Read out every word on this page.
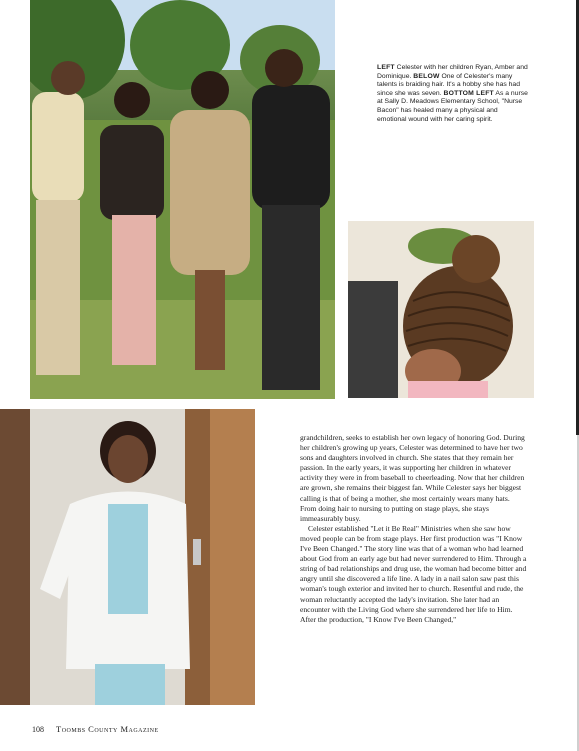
LEFT Celester with her children Ryan, Amber and Dominique. BELOW One of Celester's many talents is braiding hair. It's a hobby she has had since she was seven. BOTTOM LEFT As a nurse at Sally D. Meadows Elementary School, "Nurse Bacon" has healed many a physical and emotional wound with her caring spirit.

grandchildren, seeks to establish her own legacy of honoring God. During her children's growing up years, Celester was determined to have her two sons and daughters involved in church. She states that they remain her passion. In the early years, it was supporting her children in whatever activity they were in from baseball to cheerleading. Now that her children are grown, she remains their biggest fan. While Celester says her biggest calling is that of being a mother, she most certainly wears many hats. From doing hair to nursing to putting on stage plays, she stays immeasurably busy.

Celester established "Let it Be Real" Ministries when she saw how moved people can be from stage plays. Her first production was "I Know I've Been Changed." The story line was that of a woman who had learned about God from an early age but had never surrendered to Him. Through a string of bad relationships and drug use, the woman had become bitter and angry until she discovered a life line. A lady in a nail salon saw past this woman's tough exterior and invited her to church. Resentful and rude, the woman reluctantly accepted the lady's invitation. She later had an encounter with the Living God where she surrendered her life to Him. After the production, "I Know I've Been Changed,"

108 Toombs County Magazine
